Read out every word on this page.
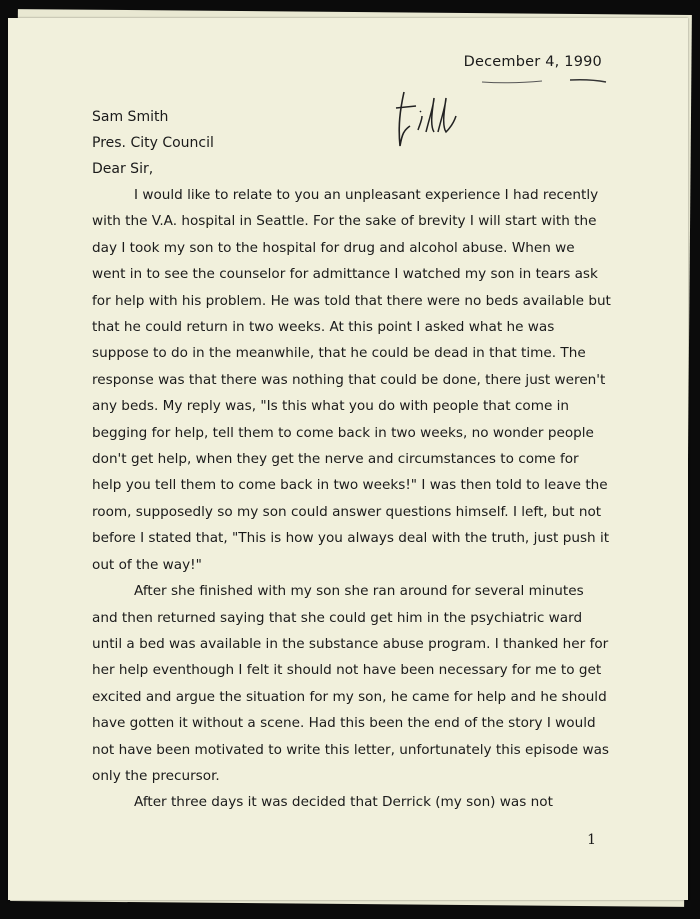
December 4, 1990
Sam Smith
Pres. City Council
Dear Sir,

I would like to relate to you an unpleasant experience I had recently with the V.A. hospital in Seattle. For the sake of brevity I will start with the day I took my son to the hospital for drug and alcohol abuse. When we went in to see the counselor for admittance I watched my son in tears ask for help with his problem. He was told that there were no beds available but that he could return in two weeks. At this point I asked what he was suppose to do in the meanwhile, that he could be dead in that time. The response was that there was nothing that could be done, there just weren't any beds. My reply was, "Is this what you do with people that come in begging for help, tell them to come back in two weeks, no wonder people don't get help, when they get the nerve and circumstances to come for help you tell them to come back in two weeks!" I was then told to leave the room, supposedly so my son could answer questions himself. I left, but not before I stated that, "This is how you always deal with the truth, just push it out of the way!"

After she finished with my son she ran around for several minutes and then returned saying that she could get him in the psychiatric ward until a bed was available in the substance abuse program. I thanked her for her help eventhough I felt it should not have been necessary for me to get excited and argue the situation for my son, he came for help and he should have gotten it without a scene. Had this been the end of the story I would not have been motivated to write this letter, unfortunately this episode was only the precursor.

After three days it was decided that Derrick (my son) was not

1
